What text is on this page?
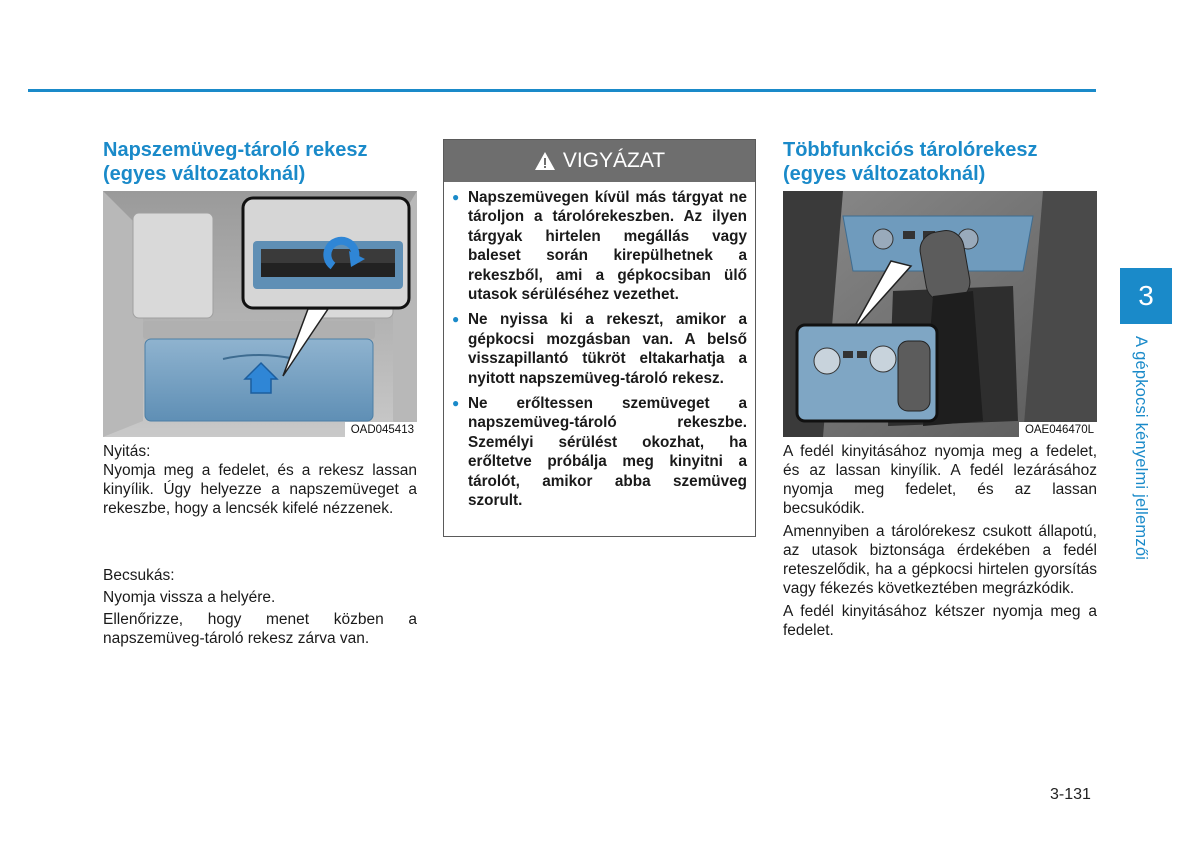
Napszemüveg-tároló rekesz
(egyes változatoknál)
OAD045413

Nyitás:

Nyomja meg a fedelet, és a rekesz lassan kinyílik. Úgy helyezze a napszemüveget a rekeszbe, hogy a lencsék kifelé nézzenek.

Becsukás:

Nyomja vissza a helyére.

Ellenőrizze, hogy menet közben a napszemüveg-tároló rekesz zárva van.

VIGYÁZAT
● Napszemüvegen kívül más tárgyat ne tároljon a tárolórekeszben. Az ilyen tárgyak hirtelen megállás vagy baleset során kirepülhetnek a rekeszből, ami a gépkocsiban ülő utasok sérüléséhez vezethet.
● Ne nyissa ki a rekeszt, amikor a gépkocsi mozgásban van. A belső visszapillantó tükröt eltakarhatja a nyitott napszemüveg-tároló rekesz.
● Ne erőltessen szemüveget a napszemüveg-tároló rekeszbe. Személyi sérülést okozhat, ha erőltetve próbálja meg kinyitni a tárolót, amikor abba szemüveg szorult.
Többfunkciós tárolórekesz
(egyes változatoknál)
OAE046470L

A fedél kinyitásához nyomja meg a fedelet, és az lassan kinyílik. A fedél lezárásához nyomja meg fedelet, és az lassan becsukódik.

Amennyiben a tárolórekesz csukott állapotú, az utasok biztonsága érdekében a fedél reteszelődik, ha a gépkocsi hirtelen gyorsítás vagy fékezés következtében megrázkódik.

A fedél kinyitásához kétszer nyomja meg a fedelet.

3
A gépkocsi kényelmi jellemzői
3-131
